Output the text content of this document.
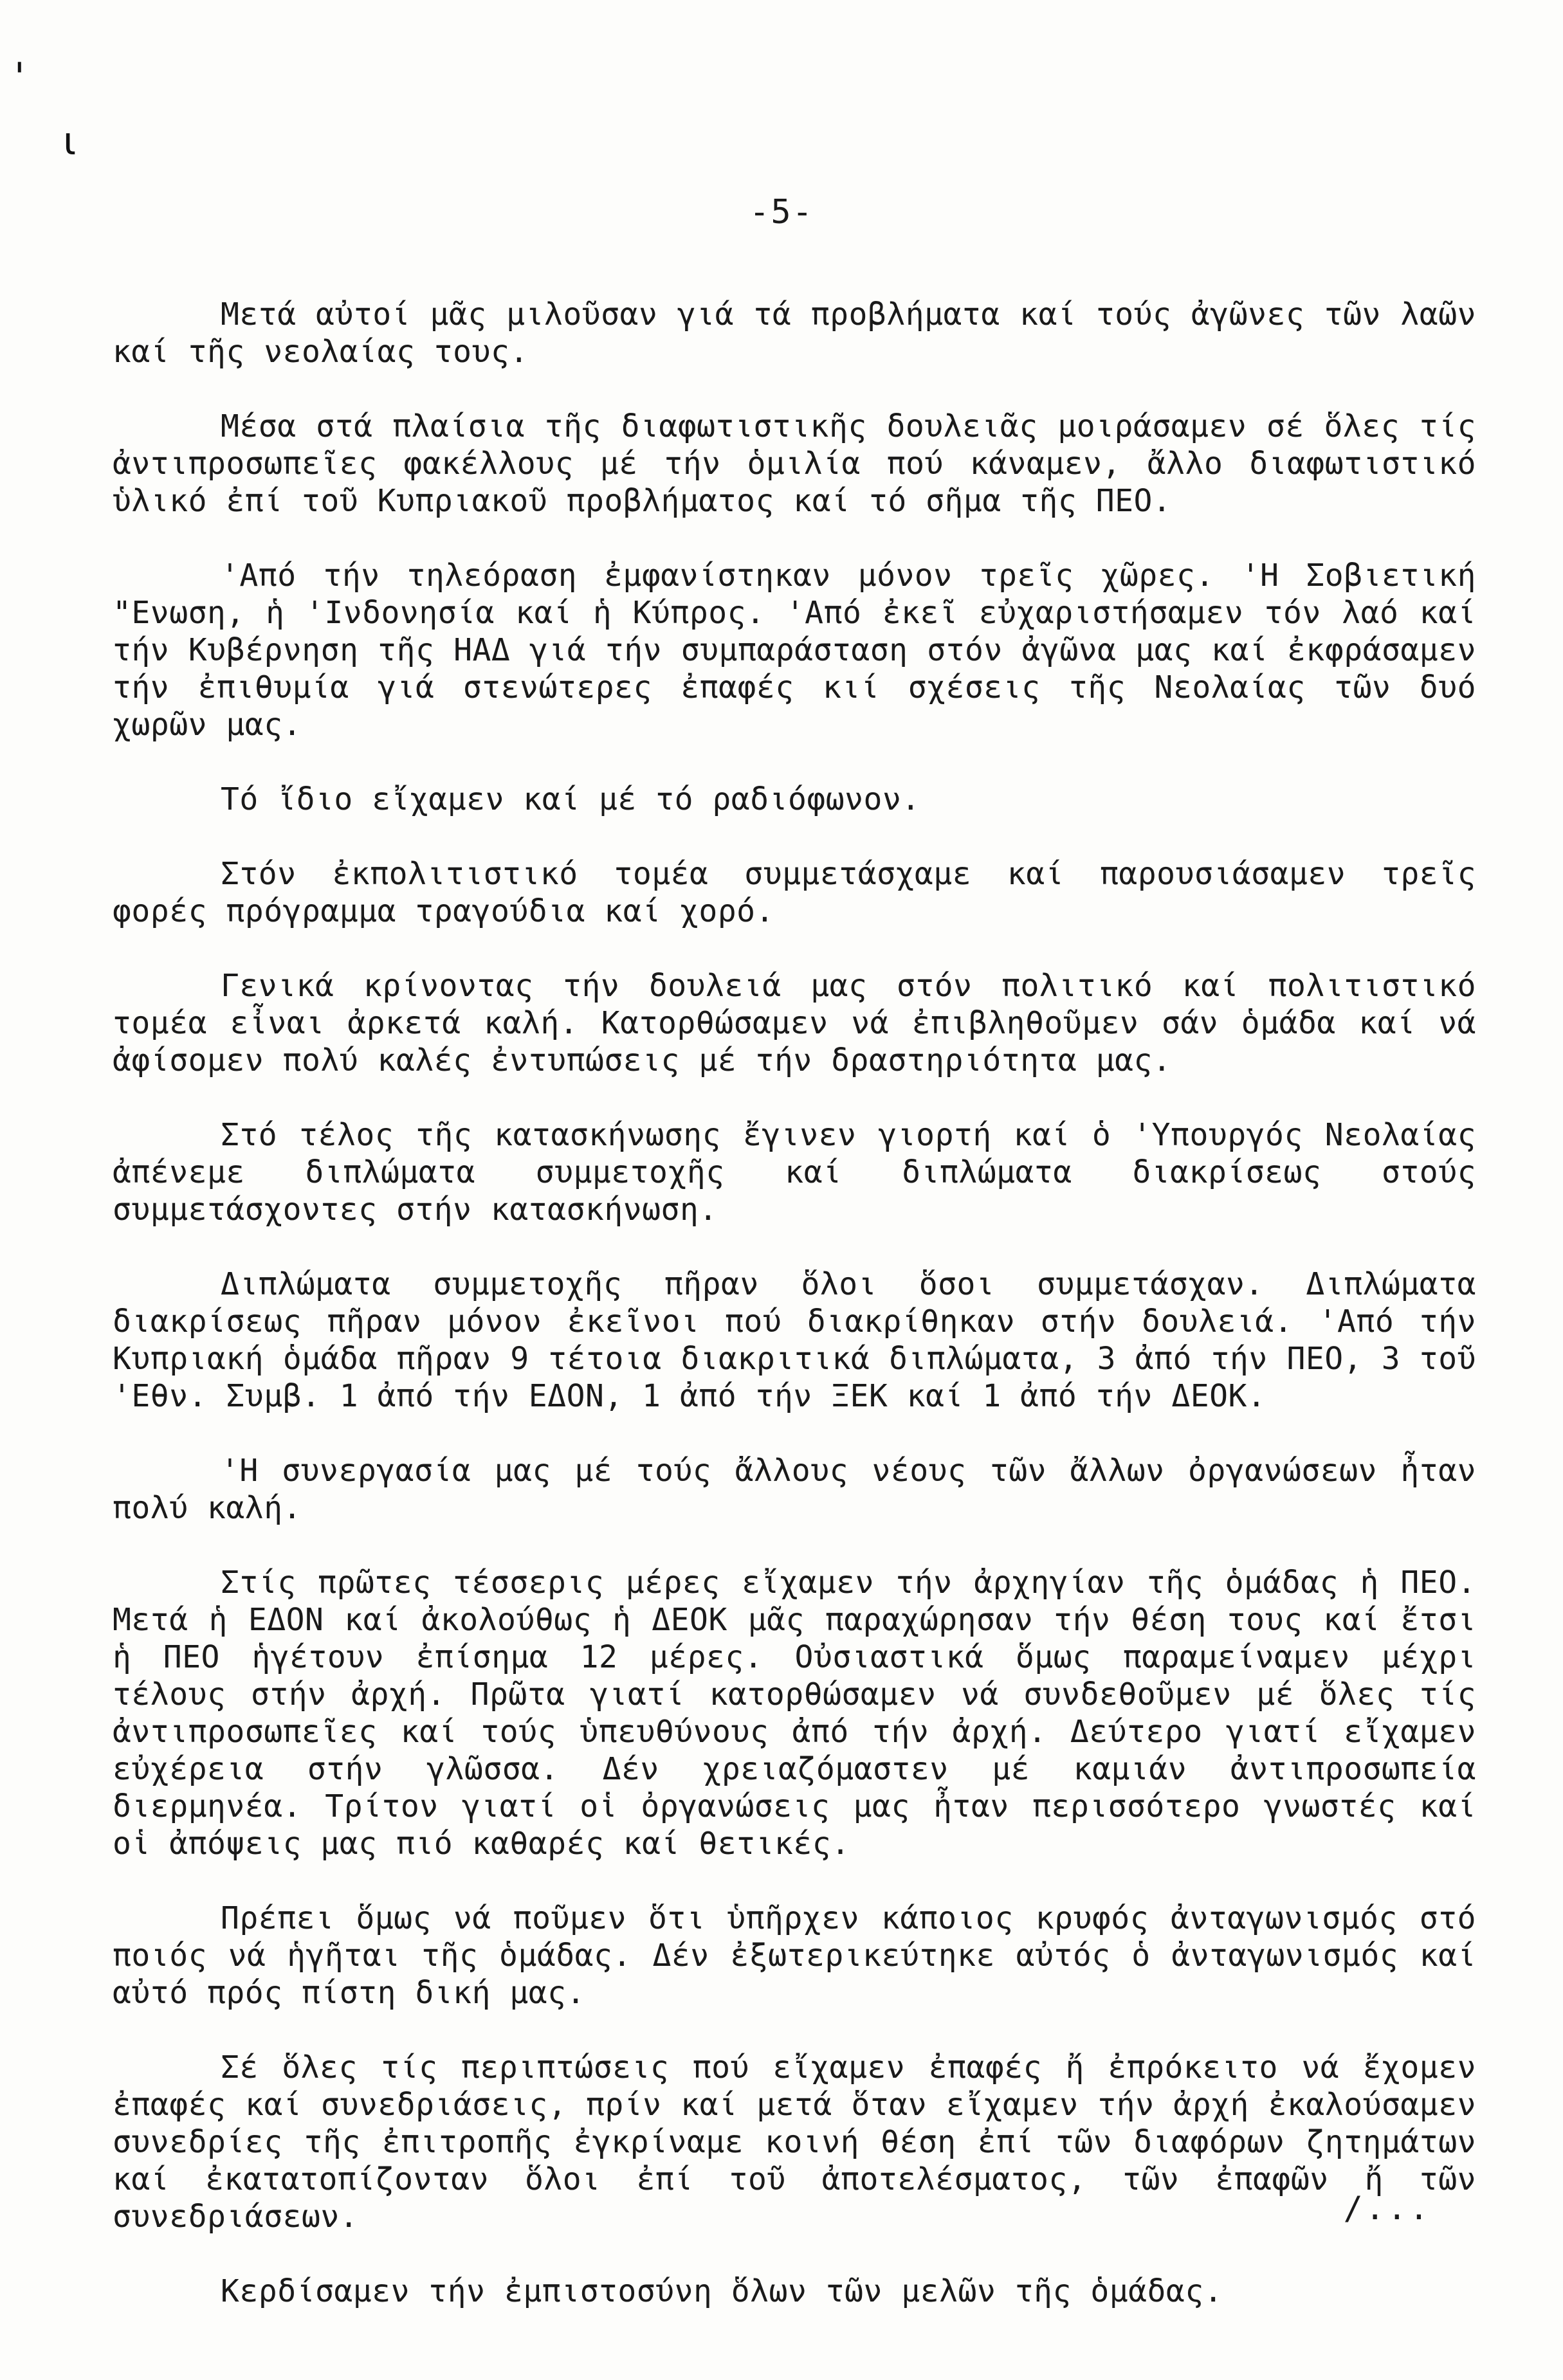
'
ι
-5-

Μετά αὐτοί μᾶς μιλοῦσαν γιά τά προβλήματα καί τούς ἀγῶνες τῶν λαῶν καί τῆς νεολαίας τους.

Μέσα στά πλαίσια τῆς διαφωτιστικῆς δουλειᾶς μοιράσαμεν σέ ὅλες τίς ἀντιπροσωπεῖες φακέλλους μέ τήν ὁμιλία πού κάναμεν, ἄλλο διαφωτιστικό ὑλικό ἐπί τοῦ Κυπριακοῦ προβλήματος καί τό σῆμα τῆς ΠΕΟ.

'Από τήν τηλεόραση ἐμφανίστηκαν μόνον τρεῖς χῶρες. 'Η Σοβιετική "Ενωση, ἡ 'Ινδονησία καί ἡ Κύπρος. 'Από ἐκεῖ εὐχαριστήσαμεν τόν λαό καί τήν Κυβέρνηση τῆς ΗΑΔ γιά τήν συμπαράσταση στόν ἀγῶνα μας καί ἐκφράσαμεν τήν ἐπιθυμία γιά στενώτερες ἐπαφές κιί σχέσεις τῆς Νεολαίας τῶν δυό χωρῶν μας.

Τό ἴδιο εἴχαμεν καί μέ τό ραδιόφωνον.

Στόν ἐκπολιτιστικό τομέα συμμετάσχαμε καί παρουσιάσαμεν τρεῖς φορές πρόγραμμα τραγούδια καί χορό.

Γενικά κρίνοντας τήν δουλειά μας στόν πολιτικό καί πολιτιστικό τομέα εἶναι ἀρκετά καλή. Κατορθώσαμεν νά ἐπιβληθοῦμεν σάν ὁμάδα καί νά ἀφίσομεν πολύ καλές ἐντυπώσεις μέ τήν δραστηριότητα μας.

Στό τέλος τῆς κατασκήνωσης ἔγινεν γιορτή καί ὁ 'Υπουργός Νεολαίας ἀπένεμε διπλώματα συμμετοχῆς καί διπλώματα διακρίσεως στούς συμμετάσχοντες στήν κατασκήνωση.

Διπλώματα συμμετοχῆς πῆραν ὅλοι ὅσοι συμμετάσχαν. Διπλώματα διακρίσεως πῆραν μόνον ἐκεῖνοι πού διακρίθηκαν στήν δουλειά. 'Από τήν Κυπριακή ὁμάδα πῆραν 9 τέτοια διακριτικά διπλώματα, 3 ἀπό τήν ΠΕΟ, 3 τοῦ 'Εθν. Συμβ. 1 ἀπό τήν ΕΔΟΝ, 1 ἀπό τήν ΞΕΚ καί 1 ἀπό τήν ΔΕΟΚ.

'Η συνεργασία μας μέ τούς ἄλλους νέους τῶν ἄλλων ὀργανώσεων ἦταν πολύ καλή.

Στίς πρῶτες τέσσερις μέρες εἴχαμεν τήν ἀρχηγίαν τῆς ὁμάδας ἡ ΠΕΟ. Μετά ἡ ΕΔΟΝ καί ἀκολούθως ἡ ΔΕΟΚ μᾶς παραχώρησαν τήν θέση τους καί ἔτσι ἡ ΠΕΟ ἡγέτουν ἐπίσημα 12 μέρες. Οὐσιαστικά ὅμως παραμείναμεν μέχρι τέλους στήν ἀρχή. Πρῶτα γιατί κατορθώσαμεν νά συνδεθοῦμεν μέ ὅλες τίς ἀντιπροσωπεῖες καί τούς ὑπευθύνους ἀπό τήν ἀρχή. Δεύτερο γιατί εἴχαμεν εὐχέρεια στήν γλῶσσα. Δέν χρειαζόμαστεν μέ καμιάν ἀντιπροσωπεία διερμηνέα. Τρίτον γιατί οἱ ὀργανώσεις μας ἦταν περισσότερο γνωστές καί οἱ ἀπόψεις μας πιό καθαρές καί θετικές.

Πρέπει ὅμως νά ποῦμεν ὅτι ὑπῆρχεν κάποιος κρυφός ἀνταγωνισμός στό ποιός νά ἡγῆται τῆς ὁμάδας. Δέν ἐξωτερικεύτηκε αὐτός ὁ ἀνταγωνισμός καί αὐτό πρός πίστη δική μας.

Σέ ὅλες τίς περιπτώσεις πού εἴχαμεν ἐπαφές ἤ ἐπρόκειτο νά ἔχομεν ἐπαφές καί συνεδριάσεις, πρίν καί μετά ὅταν εἴχαμεν τήν ἀρχή ἐκαλούσαμεν συνεδρίες τῆς ἐπιτροπῆς ἐγκρίναμε κοινή θέση ἐπί τῶν διαφόρων ζητημάτων καί ἐκατατοπίζονταν ὅλοι ἐπί τοῦ ἀποτελέσματος, τῶν ἐπαφῶν ἤ τῶν συνεδριάσεων.

Κερδίσαμεν τήν ἐμπιστοσύνη ὅλων τῶν μελῶν τῆς ὁμάδας.

/...
